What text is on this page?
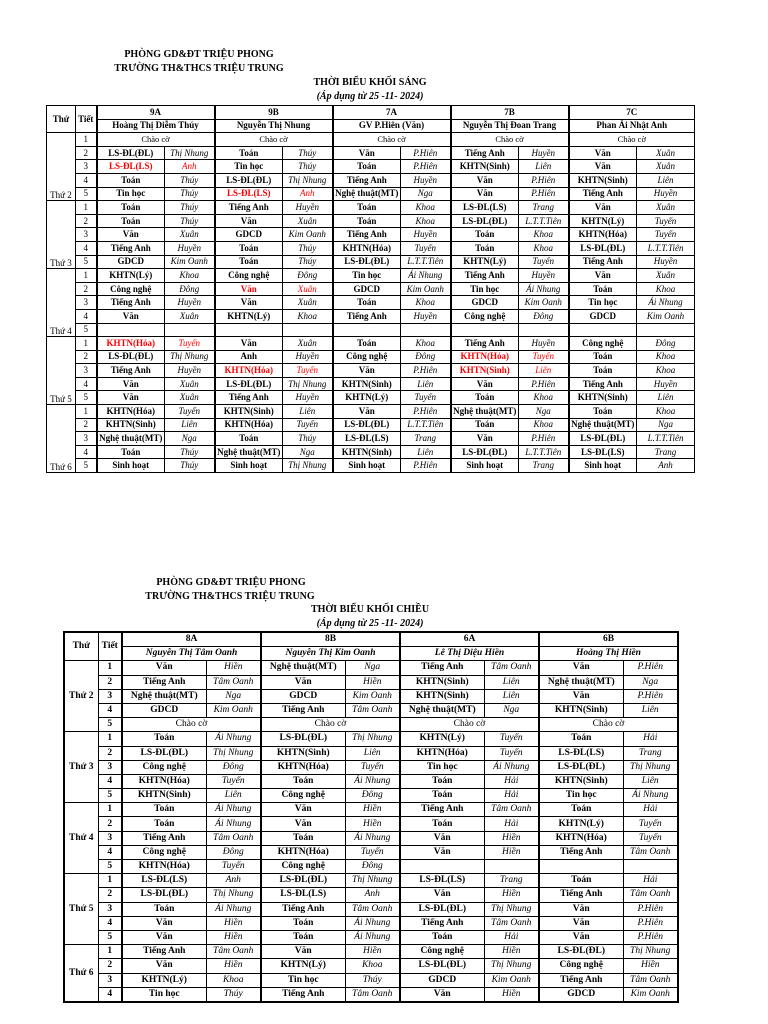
PHÒNG GD&ĐT TRIỆU PHONG
TRƯỜNG TH&THCS TRIỆU TRUNG
THỜI BIỂU KHỐI SÁNG
(Áp dụng từ 25 -11- 2024)
Thứ	Tiết	9A		9B		7A		7B		7C	
		Hoàng Thị Diễm Thúy		Nguyễn Thị Nhung		GV P.Hiên (Văn)		Nguyễn Thị Đoan Trang		Phan Ái Nhật Anh	
Thứ 2	1	Chào cờ		Chào cờ		Chào cờ		Chào cờ		Chào cờ	
	2	LS-ĐL(ĐL)	Thị Nhung	Toán	Thúy	Văn	P.Hiên	Tiếng Anh	Huyền	Văn	Xuân
	3	LS-ĐL(LS)	Anh	Tin học	Thúy	Toán	P.Hiên	KHTN(Sinh)	Liên	Văn	Xuân
	4	Toán	Thúy	LS-ĐL(ĐL)	Thị Nhung	Tiếng Anh	Huyền	Văn	P.Hiên	KHTN(Sinh)	Liên
	5	Tin học	Thúy	LS-ĐL(LS)	Anh	Nghệ thuật(MT)	Nga	Văn	P.Hiên	Tiếng Anh	Huyền
Thứ 3	1	Toán	Thúy	Tiếng Anh	Huyền	Toán	Khoa	LS-ĐL(LS)	Trang	Văn	Xuân
	2	Toán	Thúy	Văn	Xuân	Toán	Khoa	LS-ĐL(ĐL)	L.T.T.Tiên	KHTN(Lý)	Tuyến
	3	Văn	Xuân	GDCD	Kim Oanh	Tiếng Anh	Huyền	Toán	Khoa	KHTN(Hóa)	Tuyến
	4	Tiếng Anh	Huyền	Toán	Thúy	KHTN(Hóa)	Tuyến	Toán	Khoa	LS-ĐL(ĐL)	L.T.T.Tiên
	5	GDCD	Kim Oanh	Toán	Thúy	LS-ĐL(ĐL)	L.T.T.Tiên	KHTN(Lý)	Tuyến	Tiếng Anh	Huyền
Thứ 4	1	KHTN(Lý)	Khoa	Công nghệ	Đông	Tin học	Ái Nhung	Tiếng Anh	Huyền	Văn	Xuân
	2	Công nghệ	Đông	Văn	Xuân	GDCD	Kim Oanh	Tin học	Ái Nhung	Toán	Khoa
	3	Tiếng Anh	Huyền	Văn	Xuân	Toán	Khoa	GDCD	Kim Oanh	Tin học	Ái Nhung
	4	Văn	Xuân	KHTN(Lý)	Khoa	Tiếng Anh	Huyền	Công nghệ	Đông	GDCD	Kim Oanh
	5										
Thứ 5	1	KHTN(Hóa)	Tuyến	Văn	Xuân	Toán	Khoa	Tiếng Anh	Huyền	Công nghệ	Đông
	2	LS-ĐL(ĐL)	Thị Nhung	Anh	Huyền	Công nghệ	Đông	KHTN(Hóa)	Tuyến	Toán	Khoa
	3	Tiếng Anh	Huyền	KHTN(Hóa)	Tuyến	Văn	P.Hiên	KHTN(Sinh)	Liên	Toán	Khoa
	4	Văn	Xuân	LS-ĐL(ĐL)	Thị Nhung	KHTN(Sinh)	Liên	Văn	P.Hiên	Tiếng Anh	Huyền
	5	Văn	Xuân	Tiếng Anh	Huyền	KHTN(Lý)	Tuyến	Toán	Khoa	KHTN(Sinh)	Liên
Thứ 6	1	KHTN(Hóa)	Tuyến	KHTN(Sinh)	Liên	Văn	P.Hiên	Nghệ thuật(MT)	Nga	Toán	Khoa
	2	KHTN(Sinh)	Liên	KHTN(Hóa)	Tuyến	LS-ĐL(ĐL)	L.T.T.Tiên	Toán	Khoa	Nghệ thuật(MT)	Nga
	3	Nghệ thuật(MT)	Nga	Toán	Thúy	LS-ĐL(LS)	Trang	Văn	P.Hiên	LS-ĐL(ĐL)	L.T.T.Tiên
	4	Toán	Thúy	Nghệ thuật(MT)	Nga	KHTN(Sinh)	Liên	LS-ĐL(ĐL)	L.T.T.Tiên	LS-ĐL(LS)	Trang
	5	Sinh hoạt	Thúy	Sinh hoạt	Thị Nhung	Sinh hoạt	P.Hiên	Sinh hoạt	Trang	Sinh hoạt	Anh
PHÒNG GD&ĐT TRIỆU PHONG
TRƯỜNG TH&THCS TRIỆU TRUNG
THỜI BIỂU KHỐI CHIỀU
(Áp dụng từ 25 -11- 2024)
Thứ	Tiết	8A		8B		6A		6B	
		Nguyễn Thị Tâm Oanh		Nguyễn Thị Kim Oanh		Lê Thị Diệu Hiền		Hoàng Thị Hiền	
Thứ 2	1	Văn	Hiền	Nghệ thuật(MT)	Nga	Tiếng Anh	Tâm Oanh	Văn	P.Hiên
	2	Tiếng Anh	Tâm Oanh	Văn	Hiền	KHTN(Sinh)	Liên	Nghệ thuật(MT)	Nga
	3	Nghệ thuật(MT)	Nga	GDCD	Kim Oanh	KHTN(Sinh)	Liên	Văn	P.Hiên
	4	GDCD	Kim Oanh	Tiếng Anh	Tâm Oanh	Nghệ thuật(MT)	Nga	KHTN(Sinh)	Liên
	5	Chào cờ		Chào cờ		Chào cờ		Chào cờ	
Thứ 3	1	Toán	Ái Nhung	LS-ĐL(ĐL)	Thị Nhung	KHTN(Lý)	Tuyến	Toán	Hải
	2	LS-ĐL(ĐL)	Thị Nhung	KHTN(Sinh)	Liên	KHTN(Hóa)	Tuyến	LS-ĐL(LS)	Trang
	3	Công nghệ	Đông	KHTN(Hóa)	Tuyến	Tin học	Ái Nhung	LS-ĐL(ĐL)	Thị Nhung
	4	KHTN(Hóa)	Tuyến	Toán	Ái Nhung	Toán	Hải	KHTN(Sinh)	Liên
	5	KHTN(Sinh)	Liên	Công nghệ	Đông	Toán	Hải	Tin học	Ái Nhung
Thứ 4	1	Toán	Ái Nhung	Văn	Hiền	Tiếng Anh	Tâm Oanh	Toán	Hải
	2	Toán	Ái Nhung	Văn	Hiền	Toán	Hải	KHTN(Lý)	Tuyến
	3	Tiếng Anh	Tâm Oanh	Toán	Ái Nhung	Văn	Hiền	KHTN(Hóa)	Tuyến
	4	Công nghệ	Đông	KHTN(Hóa)	Tuyến	Văn	Hiền	Tiếng Anh	Tâm Oanh
	5	KHTN(Hóa)	Tuyến	Công nghệ	Đông				
Thứ 5	1	LS-ĐL(LS)	Anh	LS-ĐL(ĐL)	Thị Nhung	LS-ĐL(LS)	Trang	Toán	Hải
	2	LS-ĐL(ĐL)	Thị Nhung	LS-ĐL(LS)	Anh	Văn	Hiền	Tiếng Anh	Tâm Oanh
	3	Toán	Ái Nhung	Tiếng Anh	Tâm Oanh	LS-ĐL(ĐL)	Thị Nhung	Văn	P.Hiên
	4	Văn	Hiền	Toán	Ái Nhung	Tiếng Anh	Tâm Oanh	Văn	P.Hiên
	5	Văn	Hiền	Toán	Ái Nhung	Toán	Hải	Văn	P.Hiên
Thứ 6	1	Tiếng Anh	Tâm Oanh	Văn	Hiền	Công nghệ	Hiền	LS-ĐL(ĐL)	Thị Nhung
	2	Văn	Hiền	KHTN(Lý)	Khoa	LS-ĐL(ĐL)	Thị Nhung	Công nghệ	Hiền
	3	KHTN(Lý)	Khoa	Tin học	Thúy	GDCD	Kim Oanh	Tiếng Anh	Tâm Oanh
	4	Tin học	Thúy	Tiếng Anh	Tâm Oanh	Văn	Hiền	GDCD	Kim Oanh
